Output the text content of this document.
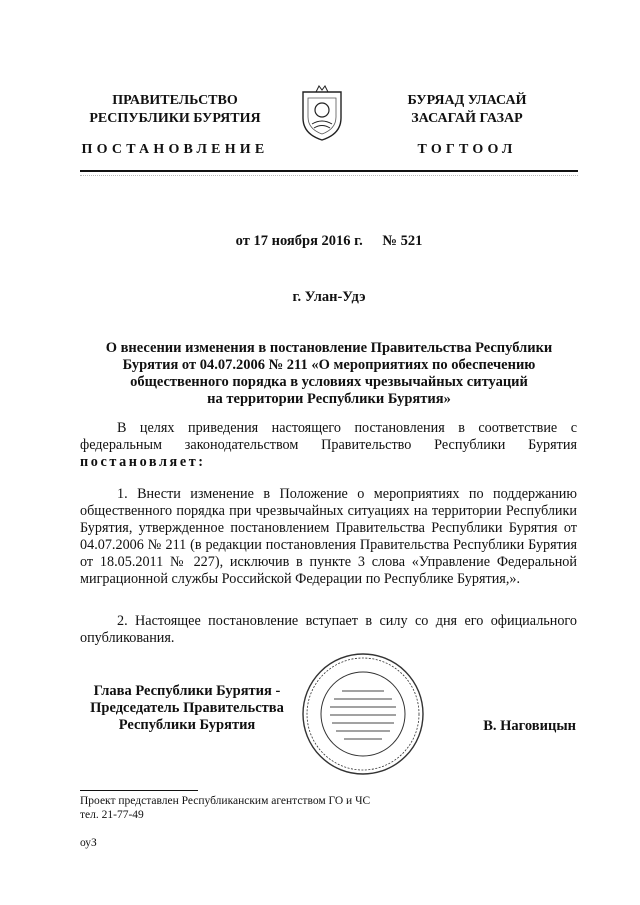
ПРАВИТЕЛЬСТВО
РЕСПУБЛИКИ БУРЯТИЯ
ПОСТАНОВЛЕНИЕ
БУРЯАД УЛАСАЙ
ЗАСАГАЙ ГАЗАР
ТОГТООЛ
от 17 ноября 2016 г. № 521
г. Улан-Удэ
О внесении изменения в постановление Правительства Республики
Бурятия от 04.07.2006 № 211 «О мероприятиях по обеспечению
общественного порядка в условиях чрезвычайных ситуаций
на территории Республики Бурятия»
В целях приведения настоящего постановления в соответствие с федеральным законодательством Правительство Республики Бурятия постановляет:
1. Внести изменение в Положение о мероприятиях по поддержанию общественного порядка при чрезвычайных ситуациях на территории Республики Бурятия, утвержденное постановлением Правительства Республики Бурятия от 04.07.2006 № 211 (в редакции постановления Правительства Республики Бурятия от 18.05.2011 № 227), исключив в пункте 3 слова «Управление Федеральной миграционной службы Российской Федерации по Республике Бурятия,».
2. Настоящее постановление вступает в силу со дня его официального опубликования.
Глава Республики Бурятия -
Председатель Правительства
Республики Бурятия	В. Наговицын
Проект представлен Республиканским агентством ГО и ЧС
тел. 21-77-49
оуЗ
